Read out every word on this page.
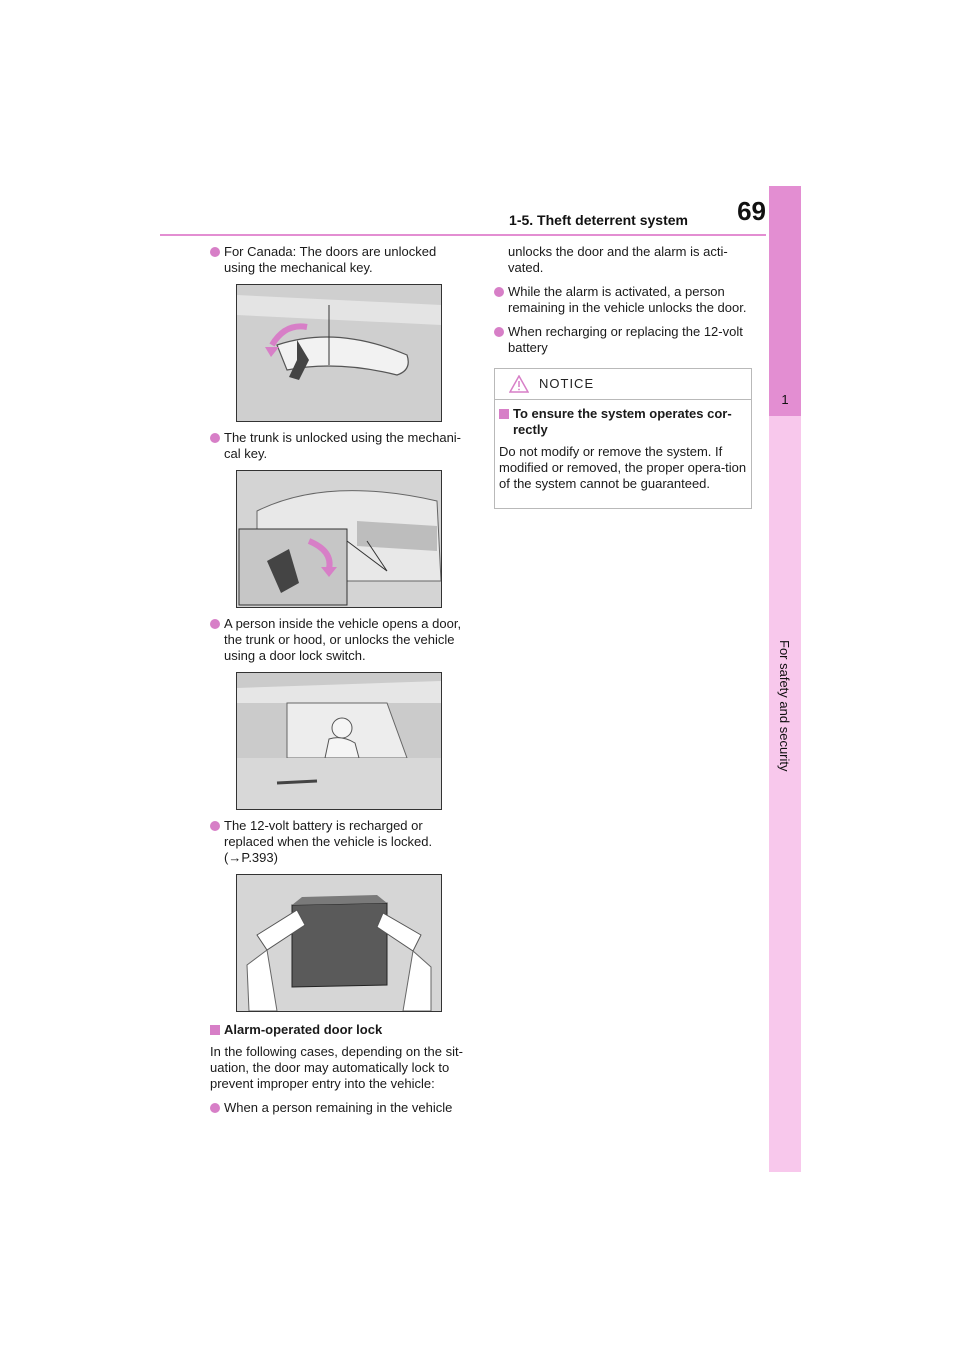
1-5. Theft deterrent system 69
1
For safety and security
For Canada: The doors are unlocked using the mechanical key.
The trunk is unlocked using the mechani-cal key.
A person inside the vehicle opens a door, the trunk or hood, or unlocks the vehicle using a door lock switch.
The 12-volt battery is recharged or replaced when the vehicle is locked. (→P.393)
Alarm-operated door lock
In the following cases, depending on the sit-uation, the door may automatically lock to prevent improper entry into the vehicle:
When a person remaining in the vehicle
unlocks the door and the alarm is acti-vated.
While the alarm is activated, a person remaining in the vehicle unlocks the door.
When recharging or replacing the 12-volt battery
NOTICE
To ensure the system operates cor-rectly
Do not modify or remove the system. If modified or removed, the proper opera-tion of the system cannot be guaranteed.
